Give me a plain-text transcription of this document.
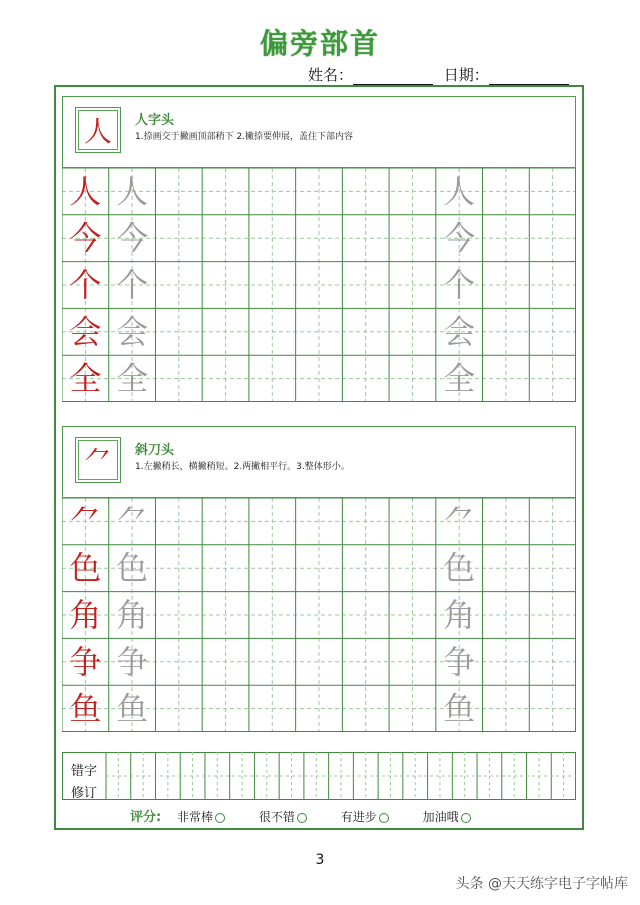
偏旁部首
姓名：	日期：
人	人字头
1.捺画交于撇画顶部稍下 2.撇捺要伸展，盖住下部内容
人 人	人
今 今	今
个 个	个
会 会	会
全 全	全
⺈	斜刀头
1.左撇稍长，横撇稍短。2.两撇相平行。3.整体形小。
⺈ ⺈	⺈
色 色	色
角 角	角
争 争	争
鱼 鱼	鱼
错字
修订
评分: 非常棒	很不错	有进步	加油哦
3
头条 @天天练字电子字帖库
